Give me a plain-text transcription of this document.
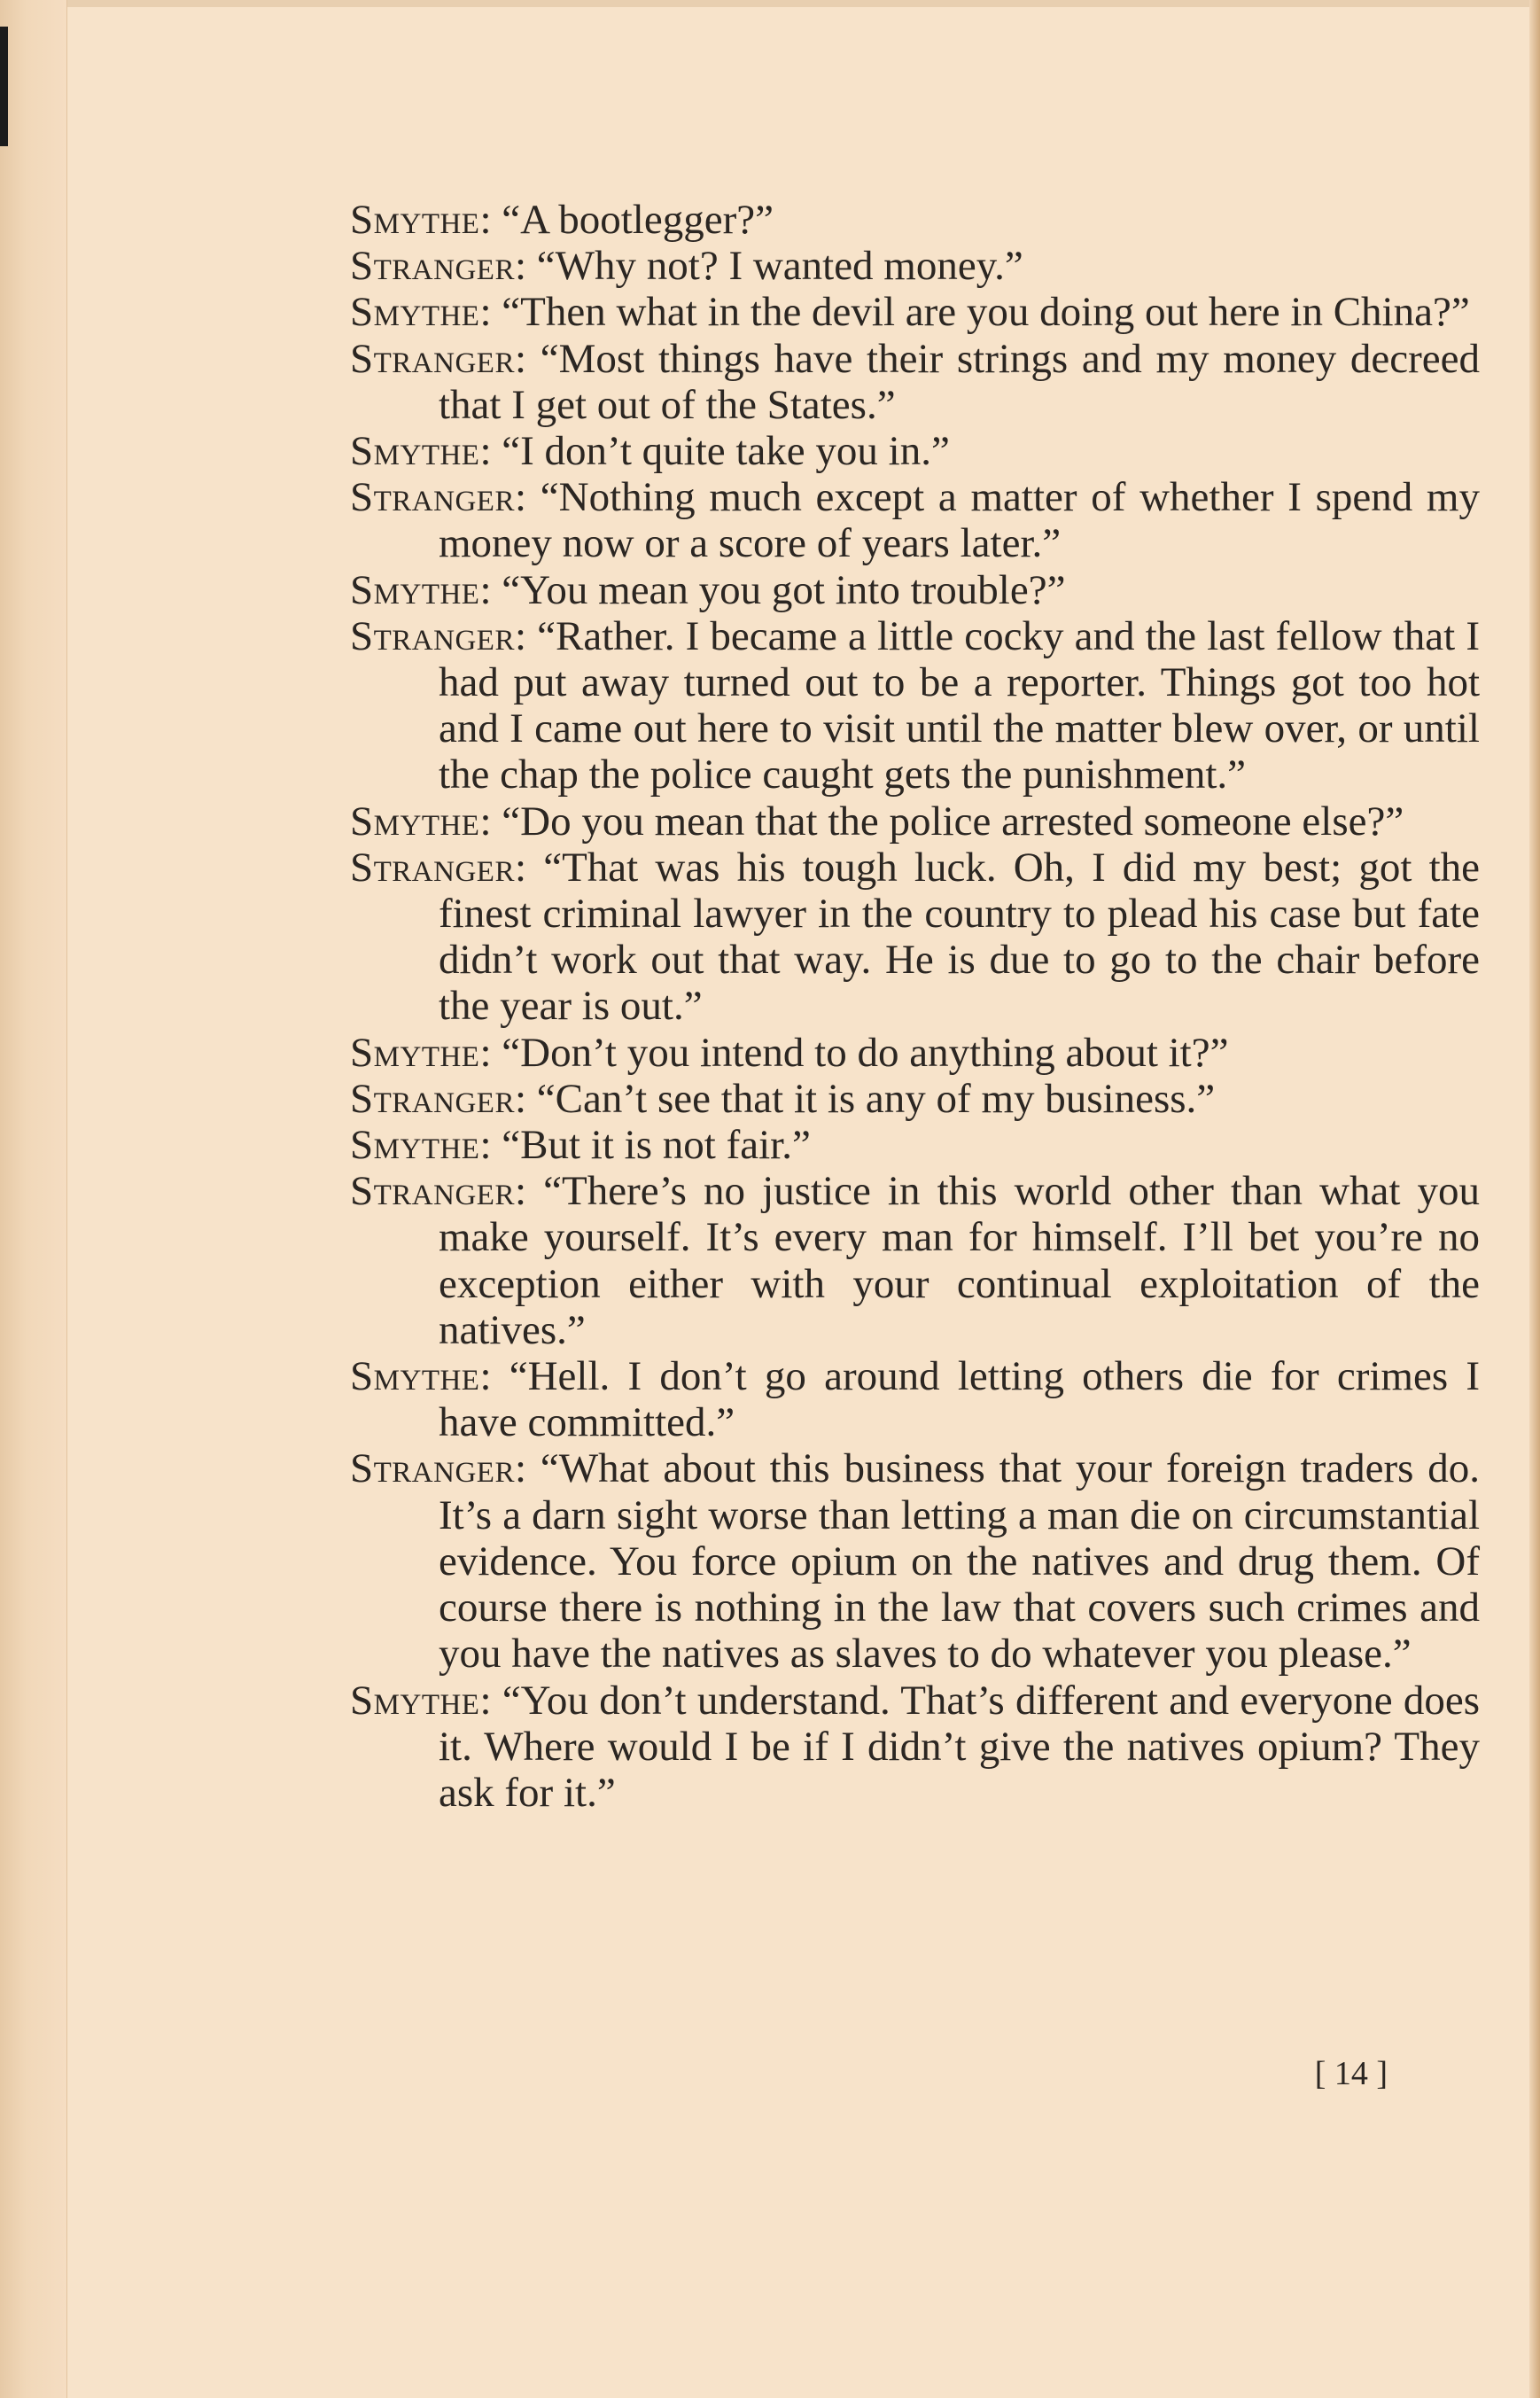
Smythe: “A bootlegger?”

Stranger: “Why not? I wanted money.”

Smythe: “Then what in the devil are you doing out here in China?”

Stranger: “Most things have their strings and my money decreed that I get out of the States.”

Smythe: “I don’t quite take you in.”

Stranger: “Nothing much except a matter of whether I spend my money now or a score of years later.”

Smythe: “You mean you got into trouble?”

Stranger: “Rather. I became a little cocky and the last fellow that I had put away turned out to be a reporter. Things got too hot and I came out here to visit until the matter blew over, or until the chap the police caught gets the punishment.”

Smythe: “Do you mean that the police arrested someone else?”

Stranger: “That was his tough luck. Oh, I did my best; got the finest criminal lawyer in the country to plead his case but fate didn’t work out that way. He is due to go to the chair before the year is out.”

Smythe: “Don’t you intend to do anything about it?”

Stranger: “Can’t see that it is any of my business.”

Smythe: “But it is not fair.”

Stranger: “There’s no justice in this world other than what you make yourself. It’s every man for himself. I’ll bet you’re no exception either with your continual exploitation of the natives.”

Smythe: “Hell. I don’t go around letting others die for crimes I have committed.”

Stranger: “What about this business that your foreign traders do. It’s a darn sight worse than letting a man die on circumstantial evidence. You force opium on the natives and drug them. Of course there is nothing in the law that covers such crimes and you have the natives as slaves to do whatever you please.”

Smythe: “You don’t understand. That’s different and everyone does it. Where would I be if I didn’t give the natives opium? They ask for it.”

[ 14 ]
